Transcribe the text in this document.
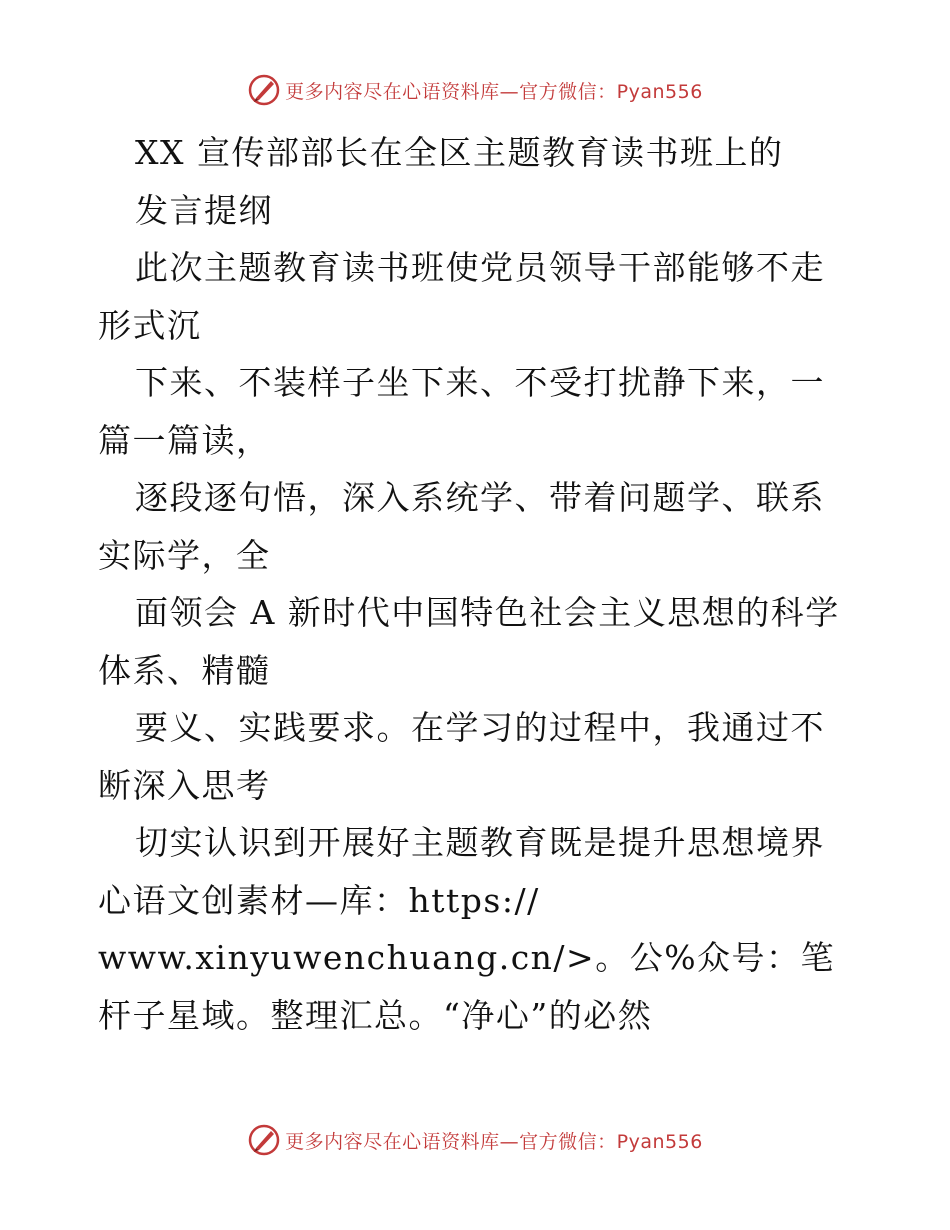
更多内容尽在心语资料库—官方微信：Pyan556

XX 宣传部部长在全区主题教育读书班上的

发言提纲

此次主题教育读书班使党员领导干部能够不走形式沉

下来、不装样子坐下来、不受打扰静下来，一篇一篇读，

逐段逐句悟，深入系统学、带着问题学、联系实际学，全

面领会 A 新时代中国特色社会主义思想的科学体系、精髓

要义、实践要求。在学习的过程中，我通过不断深入思考

切实认识到开展好主题教育既是提升思想境界心语文创素材—库：https://

www.xinyuwenchuang.cn/>。公%众号：笔杆子星域。整理汇总。“净心”的必然

更多内容尽在心语资料库—官方微信：Pyan556
